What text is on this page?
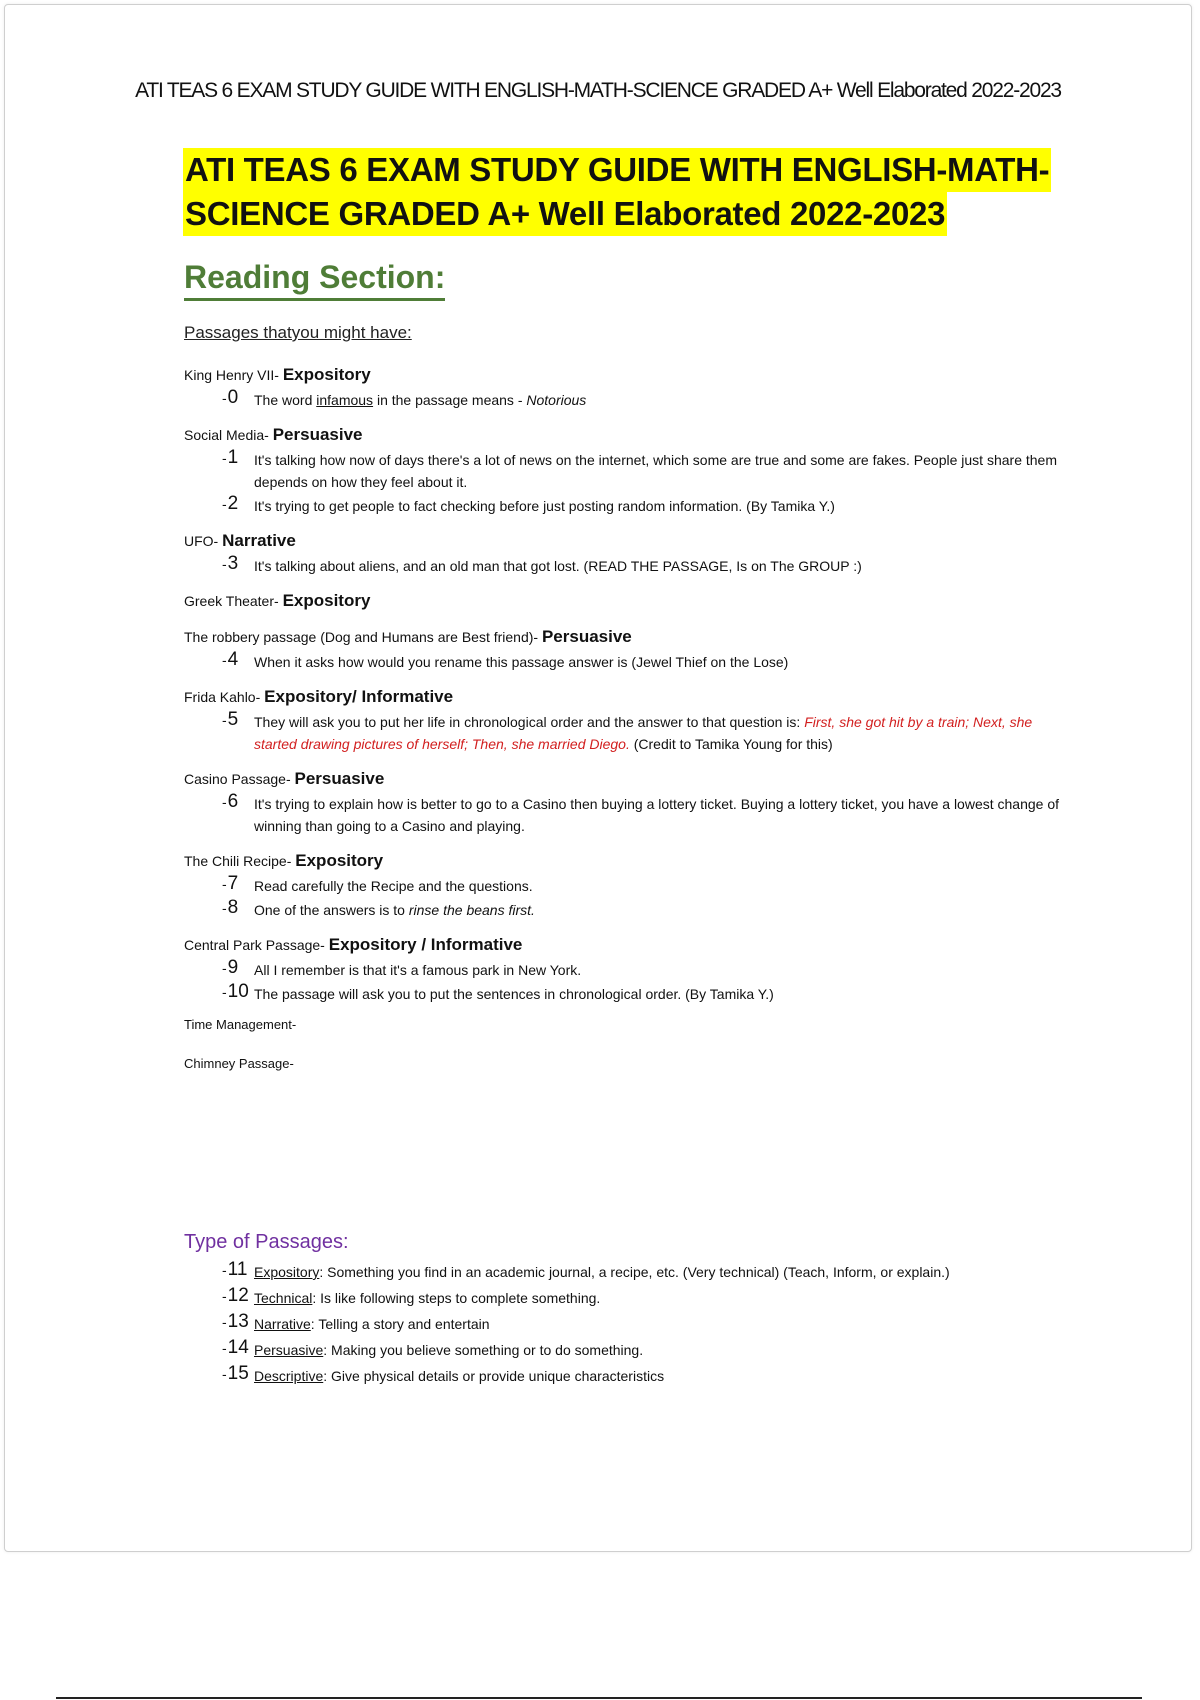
ATI TEAS 6 EXAM STUDY GUIDE WITH ENGLISH-MATH-SCIENCE GRADED A+ Well Elaborated 2022-2023
ATI TEAS 6 EXAM STUDY GUIDE WITH ENGLISH-MATH-
SCIENCE GRADED A+ Well Elaborated 2022-2023
Reading Section:
Passages thatyou might have:
King Henry VII- Expository
- 0 The word infamous in the passage means - Notorious
Social Media- Persuasive
- 1 It's talking how now of days there's a lot of news on the internet, which some are true and some are fakes. People just share them depends on how they feel about it.
- 2 It's trying to get people to fact checking before just posting random information. (By Tamika Y.)
UFO- Narrative
- 3 It's talking about aliens, and an old man that got lost. (READ THE PASSAGE, Is on The GROUP :)
Greek Theater- Expository
The robbery passage (Dog and Humans are Best friend)- Persuasive
- 4 When it asks how would you rename this passage answer is (Jewel Thief on the Lose)
Frida Kahlo- Expository/ Informative
- 5 They will ask you to put her life in chronological order and the answer to that question is: First, she got hit by a train; Next, she started drawing pictures of herself; Then, she married Diego. (Credit to Tamika Young for this)
Casino Passage- Persuasive
- 6 It's trying to explain how is better to go to a Casino then buying a lottery ticket. Buying a lottery ticket, you have a lowest change of winning than going to a Casino and playing.
The Chili Recipe- Expository
- 7 Read carefully the Recipe and the questions.
- 8 One of the answers is to rinse the beans first.
Central Park Passage- Expository / Informative
- 9 All I remember is that it's a famous park in New York.
- 10 The passage will ask you to put the sentences in chronological order. (By Tamika Y.)
Time Management-
Chimney Passage-
Type of Passages:
- 11 Expository: Something you find in an academic journal, a recipe, etc. (Very technical) (Teach, Inform, or explain.)
- 12 Technical: Is like following steps to complete something.
- 13 Narrative: Telling a story and entertain
- 14 Persuasive: Making you believe something or to do something.
- 15 Descriptive: Give physical details or provide unique characteristics
